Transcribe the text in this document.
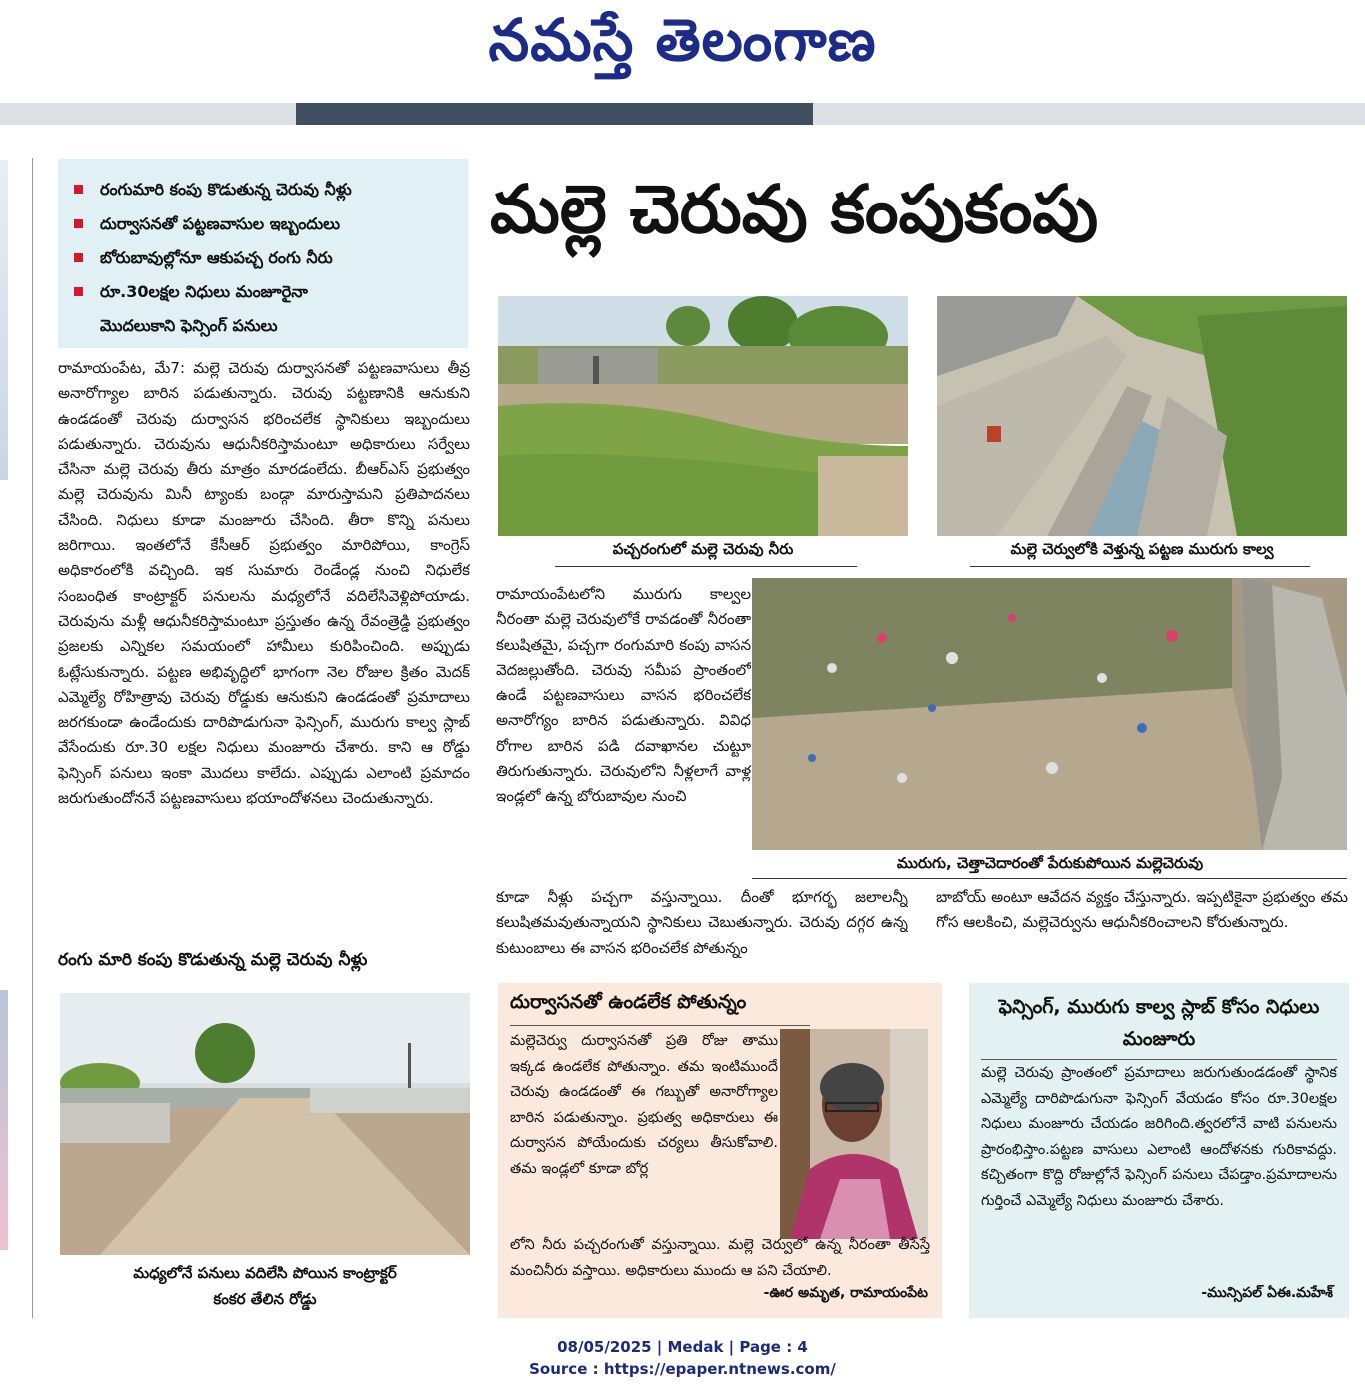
నమస్తే తెలంగాణ
రంగుమారి కంపు కొడుతున్న చెరువు నీళ్లు
దుర్వాసనతో పట్టణవాసుల ఇబ్బందులు
బోరుబావుల్లోనూ ఆకుపచ్చ రంగు నీరు
రూ.30లక్షల నిధులు మంజూరైనా
మొదలుకాని ఫెన్సింగ్ పనులు
మల్లె చెరువు కంపుకంపు
పచ్చరంగులో మల్లె చెరువు నీరు	మల్లె చెర్వులోకి వెళ్తున్న పట్టణ మురుగు కాల్వ
రామాయంపేట, మే7: మల్లె చెరువు దుర్వాసనతో పట్టణవాసులు తీవ్ర అనారోగ్యాల బారిన పడుతున్నారు. చెరువు పట్టణానికి ఆనుకుని ఉండడంతో చెరువు దుర్వాసన భరించలేక స్థానికులు ఇబ్బందులు పడుతున్నారు. చెరువును ఆధునీకరిస్తామంటూ అధికారులు సర్వేలు చేసినా మల్లె చెరువు తీరు మాత్రం మారడంలేదు. బీఆర్ఎస్ ప్రభుత్వం మల్లె చెరువును మినీ ట్యాంకు బండ్గా మారుస్తామని ప్రతిపాదనలు చేసింది. నిధులు కూడా మంజూరు చేసింది. తీరా కొన్ని పనులు జరిగాయి. ఇంతలోనే కేసీఆర్ ప్రభుత్వం మారిపోయి, కాంగ్రెస్ అధికారంలోకి వచ్చింది. ఇక సుమారు రెండేండ్ల నుంచి నిధులేక సంబంధిత కాంట్రాక్టర్ పనులను మధ్యలోనే వదిలేసివెళ్లిపోయాడు. చెరువును మళ్లీ ఆధునీకరిస్తామంటూ ప్రస్తుతం ఉన్న రేవంత్రెడ్డి ప్రభుత్వం ప్రజలకు ఎన్నికల సమయంలో హామీలు కురిపించింది. అప్పుడు ఓట్లేసుకున్నారు. పట్టణ అభివృద్ధిలో భాగంగా నెల రోజుల క్రితం మెదక్ ఎమ్మెల్యే రోహిత్రావు చెరువు రోడ్డుకు ఆనుకుని ఉండడంతో ప్రమాదాలు జరగకుండా ఉండేందుకు దారిపొడుగునా ఫెన్సింగ్, మురుగు కాల్వ స్లాబ్ వేసేందుకు రూ.30 లక్షల నిధులు మంజూరు చేశారు. కాని ఆ రోడ్డు ఫెన్సింగ్ పనులు ఇంకా మొదలు కాలేదు. ఎప్పుడు ఎలాంటి ప్రమాదం జరుగుతుందోననే పట్టణవాసులు భయాందోళనలు చెందుతున్నారు.
రామాయంపేటలోని మురుగు కాల్వల నీరంతా మల్లె చెరువులోకే రావడంతో నీరంతా కలుషితమై, పచ్చగా రంగుమారి కంపు వాసన వెదజల్లుతోంది. చెరువు సమీప ప్రాంతంలో ఉండే పట్టణవాసులు వాసన భరించలేక అనారోగ్యం బారిన పడుతున్నారు. వివిధ రోగాల బారిన పడి దవాఖానల చుట్టూ తిరుగుతున్నారు. చెరువులోని నీళ్లలాగే వాళ్ల ఇండ్లలో ఉన్న బోరుబావుల నుంచి
మురుగు, చెత్తాచెదారంతో పేరుకుపోయిన మల్లెచెరువు
కూడా నీళ్లు పచ్చగా వస్తున్నాయి. దీంతో భూగర్భ జలాలన్నీ కలుషితమవుతున్నాయని స్థానికులు చెబుతున్నారు. చెరువు దగ్గర ఉన్న కుటుంబాలు ఈ వాసన భరించలేక పోతున్నం
బాబోయ్ అంటూ ఆవేదన వ్యక్తం చేస్తున్నారు. ఇప్పటికైనా ప్రభుత్వం తమ గోస ఆలకించి, మల్లెచెర్వును ఆధునీకరించాలని కోరుతున్నారు.
రంగు మారి కంపు కొడుతున్న మల్లె చెరువు నీళ్లు
మధ్యలోనే పనులు వదిలేసి పోయిన కాంట్రాక్టర్
కంకర తేలిన రోడ్డు
దుర్వాసనతో ఉండలేక పోతున్నం
మల్లెచెర్వు దుర్వాసనతో ప్రతి రోజు తాము ఇక్కడ ఉండలేక పోతున్నాం. తమ ఇంటిముందే చెరువు ఉండడంతో ఈ గబ్బుతో అనారోగ్యాల బారిన పడుతున్నాం. ప్రభుత్వ అధికారులు ఈ దుర్వాసన పోయేందుకు చర్యలు తీసుకోవాలి. తమ ఇండ్లలో కూడా బోర్ల
లోని నీరు పచ్చరంగుతో వస్తున్నాయి. మల్లె చెర్వులో ఉన్న నీరంతా తీసేస్తే మంచినీరు వస్తాయి. అధికారులు ముందు ఆ పని చేయాలి.
-ఊర అమృత, రామాయంపేట
ఫెన్సింగ్, మురుగు కాల్వ స్లాబ్ కోసం నిధులు మంజూరు
మల్లె చెరువు ప్రాంతంలో ప్రమాదాలు జరుగుతుండడంతో స్థానిక ఎమ్మెల్యే దారిపొడుగునా ఫెన్సింగ్ వేయడం కోసం రూ.30లక్షల నిధులు మంజూరు చేయడం జరిగింది.త్వరలోనే వాటి పనులను ప్రారంభిస్తాం.పట్టణ వాసులు ఎలాంటి ఆందోళనకు గురికావద్దు. కచ్చితంగా కొద్ది రోజుల్లోనే ఫెన్సింగ్ పనులు చేపడ్తాం.ప్రమాదాలను గుర్తించే ఎమ్మెల్యే నిధులు మంజూరు చేశారు.
-మున్సిపల్ ఏఈ.మహేశ్
08/05/2025 | Medak | Page : 4
Source : https://epaper.ntnews.com/
